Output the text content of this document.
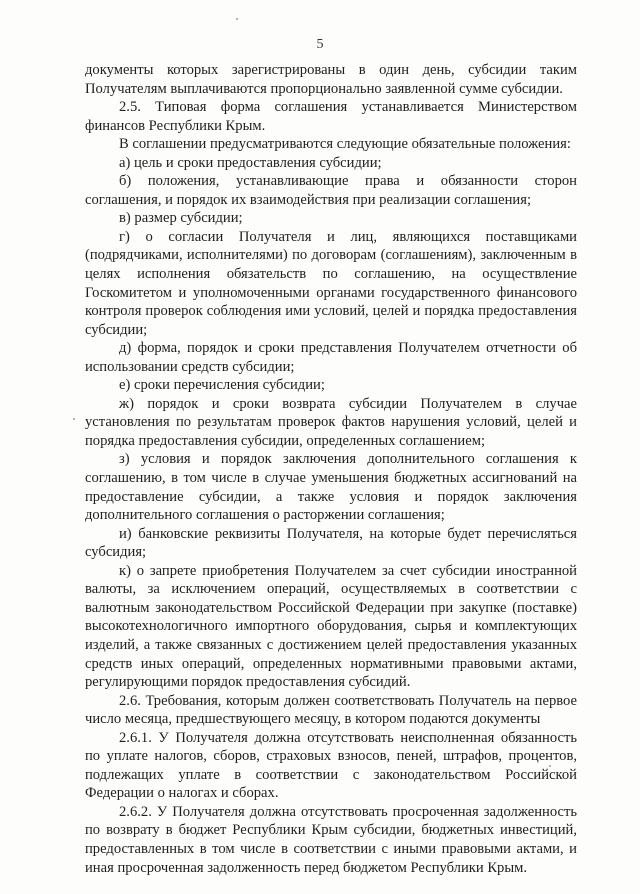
5

документы которых зарегистрированы в один день, субсидии таким Получателям выплачиваются пропорционально заявленной сумме субсидии.

2.5. Типовая форма соглашения устанавливается Министерством финансов Республики Крым.

В соглашении предусматриваются следующие обязательные положения:

а) цель и сроки предоставления субсидии;

б) положения, устанавливающие права и обязанности сторон соглашения, и порядок их взаимодействия при реализации соглашения;

в) размер субсидии;

г) о согласии Получателя и лиц, являющихся поставщиками (подрядчиками, исполнителями) по договорам (соглашениям), заключенным в целях исполнения обязательств по соглашению, на осуществление Госкомитетом и уполномоченными органами государственного финансового контроля проверок соблюдения ими условий, целей и порядка предоставления субсидии;

д) форма, порядок и сроки представления Получателем отчетности об использовании средств субсидии;

е) сроки перечисления субсидии;

ж) порядок и сроки возврата субсидии Получателем в случае установления по результатам проверок фактов нарушения условий, целей и порядка предоставления субсидии, определенных соглашением;

з) условия и порядок заключения дополнительного соглашения к соглашению, в том числе в случае уменьшения бюджетных ассигнований на предоставление субсидии, а также условия и порядок заключения дополнительного соглашения о расторжении соглашения;

и) банковские реквизиты Получателя, на которые будет перечисляться субсидия;

к) о запрете приобретения Получателем за счет субсидии иностранной валюты, за исключением операций, осуществляемых в соответствии с валютным законодательством Российской Федерации при закупке (поставке) высокотехнологичного импортного оборудования, сырья и комплектующих изделий, а также связанных с достижением целей предоставления указанных средств иных операций, определенных нормативными правовыми актами, регулирующими порядок предоставления субсидий.

2.6. Требования, которым должен соответствовать Получатель на первое число месяца, предшествующего месяцу, в котором подаются документы

2.6.1. У Получателя должна отсутствовать неисполненная обязанность по уплате налогов, сборов, страховых взносов, пеней, штрафов, процентов, подлежащих уплате в соответствии с законодательством Российской Федерации о налогах и сборах.

2.6.2. У Получателя должна отсутствовать просроченная задолженность по возврату в бюджет Республики Крым субсидии, бюджетных инвестиций, предоставленных в том числе в соответствии с иными правовыми актами, и иная просроченная задолженность перед бюджетом Республики Крым.
